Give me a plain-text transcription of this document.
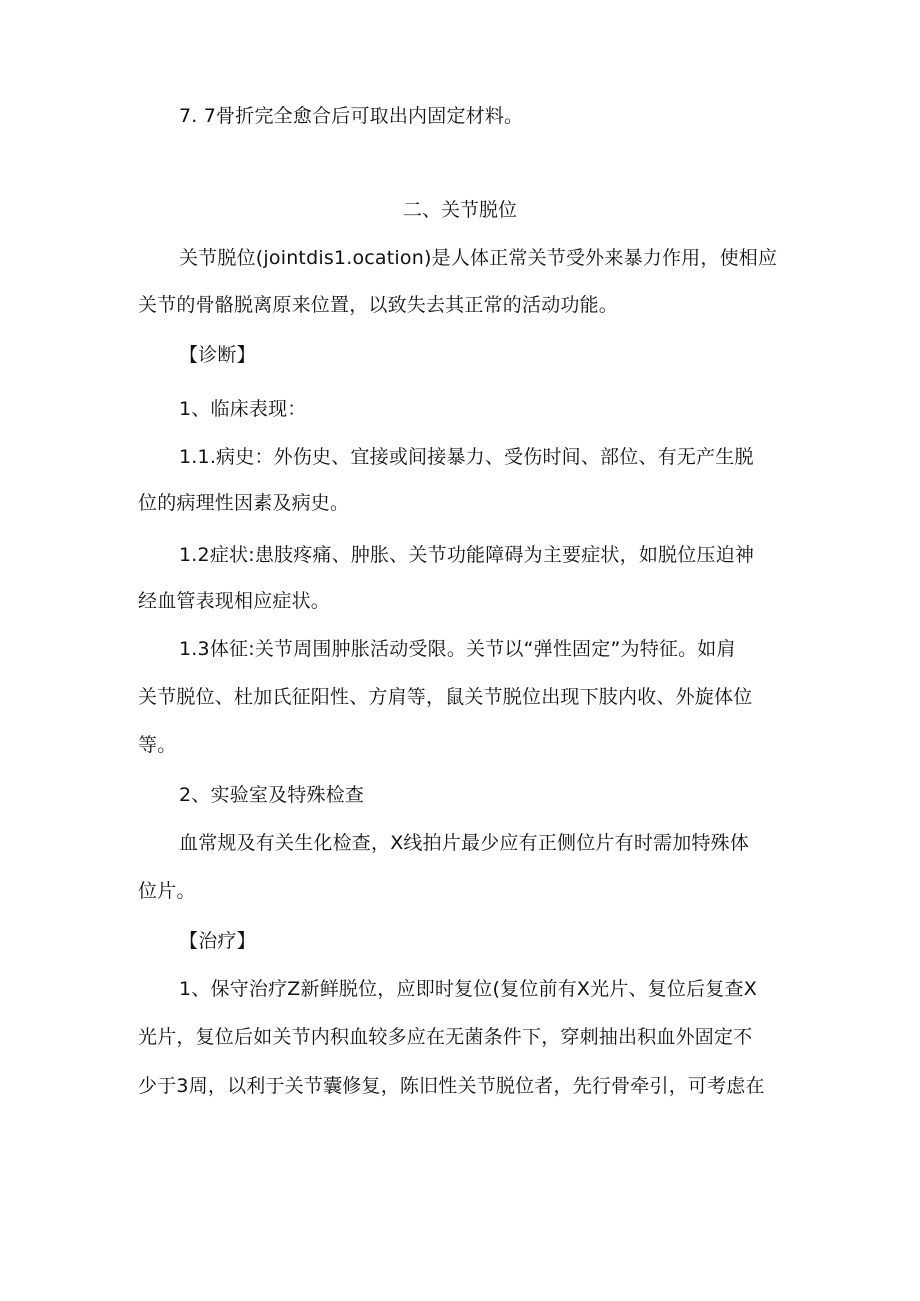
7. 7骨折完全愈合后可取出内固定材料。
二、关节脱位
关节脱位(jointdis1.ocation)是人体正常关节受外来暴力作用，使相应
关节的骨骼脱离原来位置，以致失去其正常的活动功能。
【诊断】
1、临床表现：
1.1.病史：外伤史、宜接或间接暴力、受伤时间、部位、有无产生脱
位的病理性因素及病史。
1.2症状:患肢疼痛、肿胀、关节功能障碍为主要症状，如脱位压迫神
经血管表现相应症状。
1.3体征:关节周围肿胀活动受限。关节以“弹性固定”为特征。如肩
关节脱位、杜加氏征阳性、方肩等，鼠关节脱位出现下肢内收、外旋体位
等。
2、实验室及特殊检查
血常规及有关生化检查，X线拍片最少应有正侧位片有时需加特殊体
位片。
【治疗】
1、保守治疗Z新鲜脱位，应即时复位(复位前有X光片、复位后复查X
光片，复位后如关节内积血较多应在无菌条件下，穿刺抽出积血外固定不
少于3周，以利于关节囊修复，陈旧性关节脱位者，先行骨牵引，可考虑在
